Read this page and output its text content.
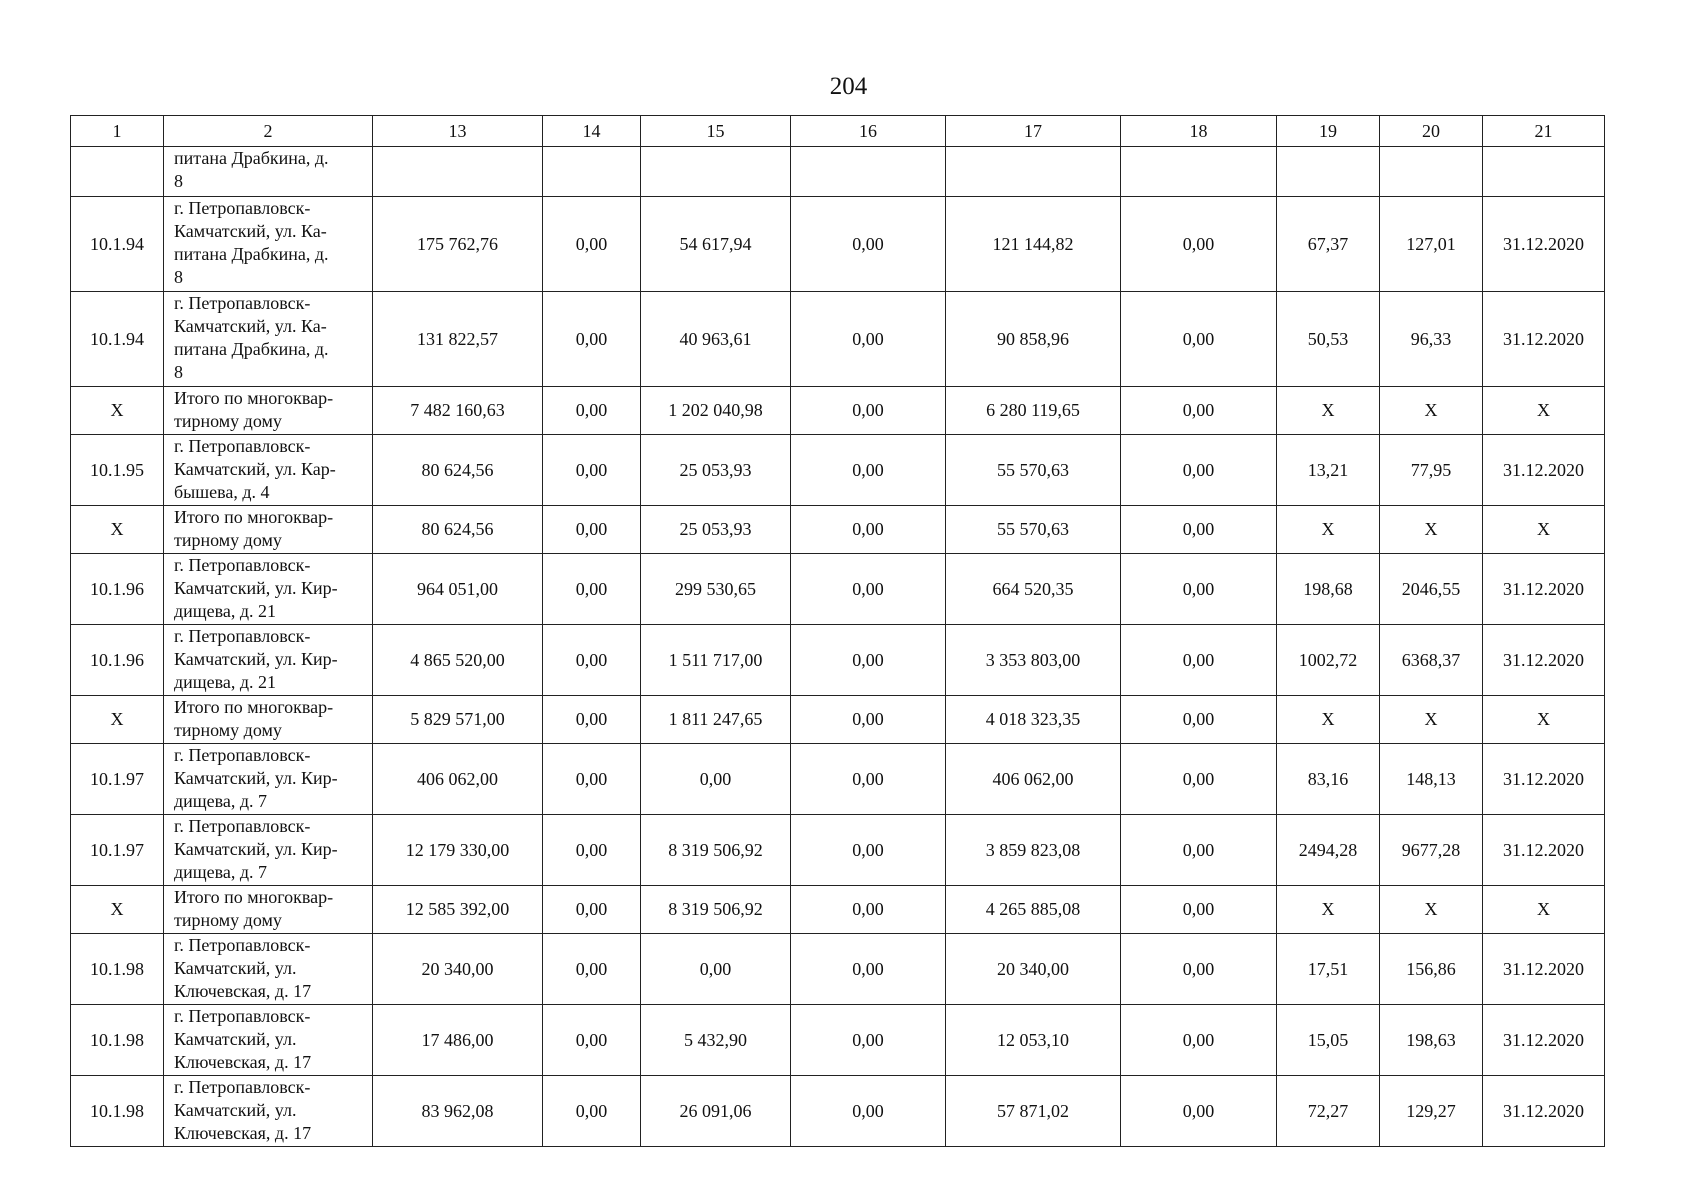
204
1	2	13	14	15	16	17	18	19	20	21

	питана Драбкина, д.
8									

10.1.94	г. Петропавловск-
Камчатский, ул. Ка-
питана Драбкина, д.
8	175 762,76	0,00	54 617,94	0,00	121 144,82	0,00	67,37	127,01	31.12.2020
10.1.94	г. Петропавловск-
Камчатский, ул. Ка-
питана Драбкина, д.
8	131 822,57	0,00	40 963,61	0,00	90 858,96	0,00	50,53	96,33	31.12.2020
X	Итого по многоквар-
тирному дому	7 482 160,63	0,00	1 202 040,98	0,00	6 280 119,65	0,00	X	X	X
10.1.95	г. Петропавловск-
Камчатский, ул. Кар-
бышева, д. 4	80 624,56	0,00	25 053,93	0,00	55 570,63	0,00	13,21	77,95	31.12.2020
X	Итого по многоквар-
тирному дому	80 624,56	0,00	25 053,93	0,00	55 570,63	0,00	X	X	X
10.1.96	г. Петропавловск-
Камчатский, ул. Кир-
дищева, д. 21	964 051,00	0,00	299 530,65	0,00	664 520,35	0,00	198,68	2046,55	31.12.2020
10.1.96	г. Петропавловск-
Камчатский, ул. Кир-
дищева, д. 21	4 865 520,00	0,00	1 511 717,00	0,00	3 353 803,00	0,00	1002,72	6368,37	31.12.2020
X	Итого по многоквар-
тирному дому	5 829 571,00	0,00	1 811 247,65	0,00	4 018 323,35	0,00	X	X	X
10.1.97	г. Петропавловск-
Камчатский, ул. Кир-
дищева, д. 7	406 062,00	0,00	0,00	0,00	406 062,00	0,00	83,16	148,13	31.12.2020
10.1.97	г. Петропавловск-
Камчатский, ул. Кир-
дищева, д. 7	12 179 330,00	0,00	8 319 506,92	0,00	3 859 823,08	0,00	2494,28	9677,28	31.12.2020
X	Итого по многоквар-
тирному дому	12 585 392,00	0,00	8 319 506,92	0,00	4 265 885,08	0,00	X	X	X
10.1.98	г. Петропавловск-
Камчатский, ул.
Ключевская, д. 17	20 340,00	0,00	0,00	0,00	20 340,00	0,00	17,51	156,86	31.12.2020
10.1.98	г. Петропавловск-
Камчатский, ул.
Ключевская, д. 17	17 486,00	0,00	5 432,90	0,00	12 053,10	0,00	15,05	198,63	31.12.2020
10.1.98	г. Петропавловск-
Камчатский, ул.
Ключевская, д. 17	83 962,08	0,00	26 091,06	0,00	57 871,02	0,00	72,27	129,27	31.12.2020
